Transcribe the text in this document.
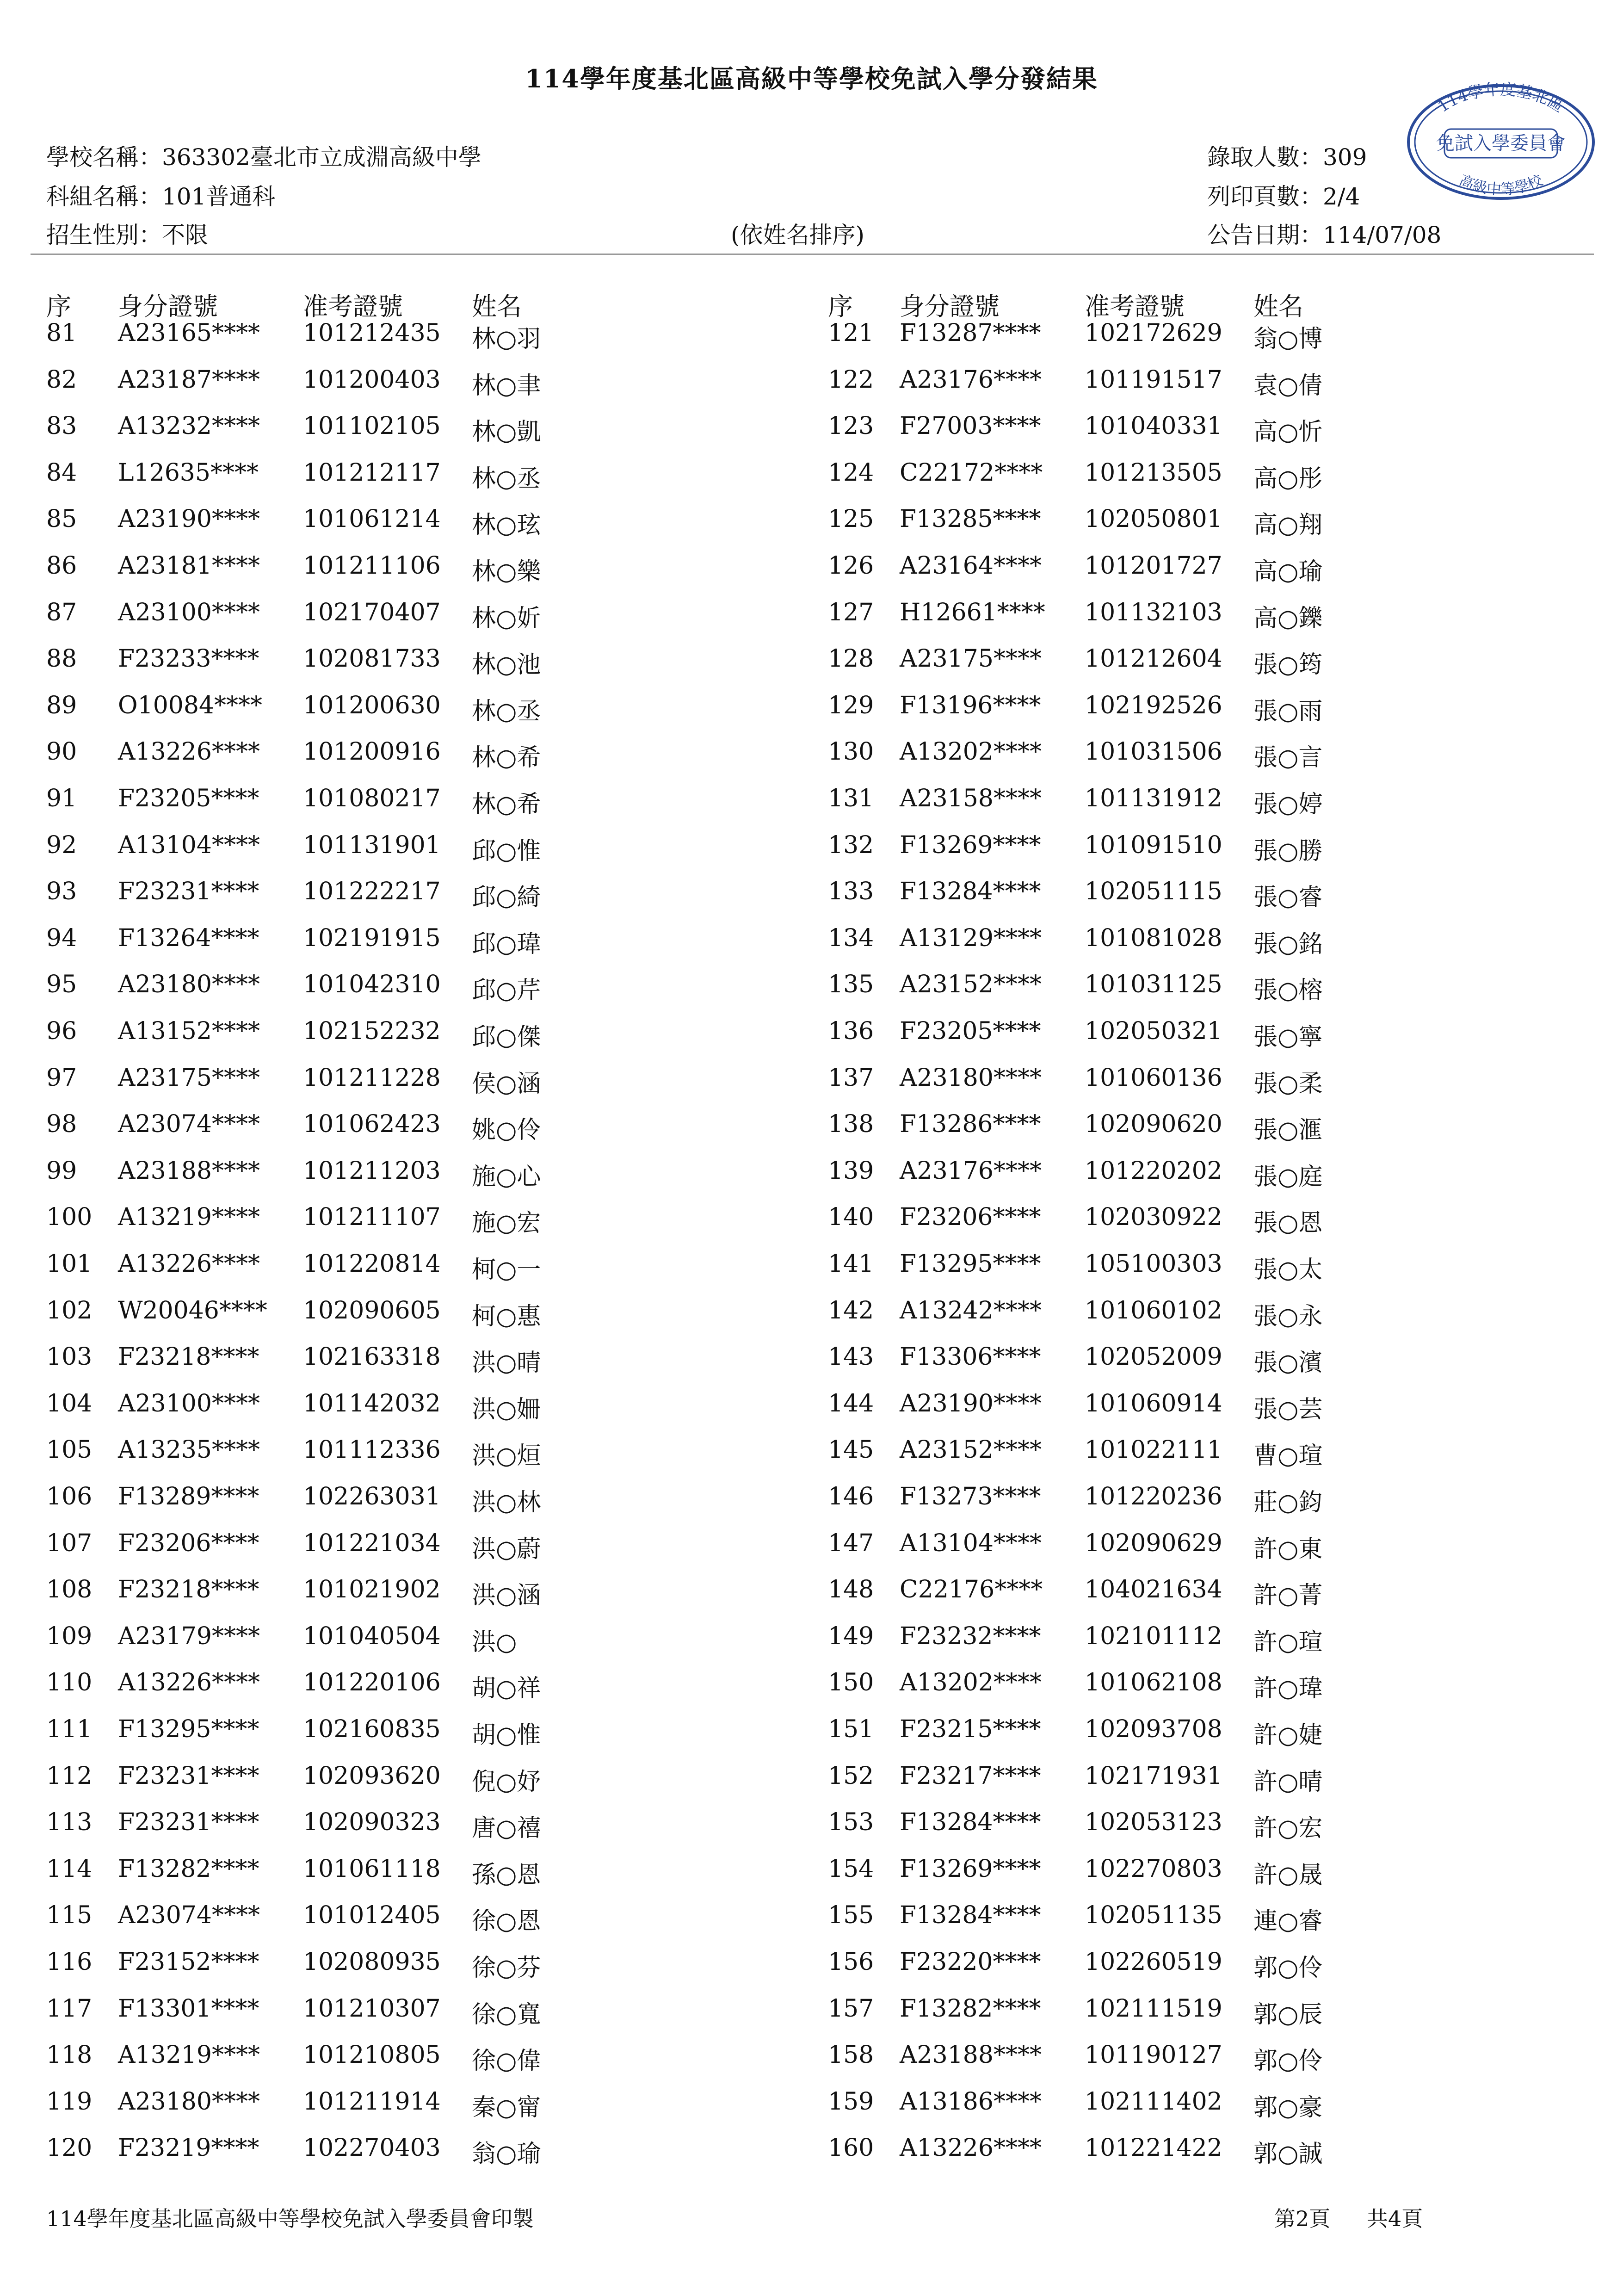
114學年度基北區高級中等學校免試入學分發結果
學校名稱：363302臺北市立成淵高級中學
科組名稱：101普通科
招生性別：不限	(依姓名排序)
錄取人數：309
列印頁數：2/4
公告日期：114/07/08
114學年度基北區
免試入學委員會
高級中等學校
序 身分證號	准考證號	姓名	序 身分證號	准考證號	姓名
81 A23165**** 101212435 林○羽
82 A23187**** 101200403 林○聿
83 A13232**** 101102105 林○凱
84 L12635**** 101212117 林○丞
85 A23190**** 101061214 林○玹
86 A23181**** 101211106 林○樂
87 A23100**** 102170407 林○妡
88 F23233**** 102081733 林○池
89 O10084**** 101200630 林○丞
90 A13226**** 101200916 林○希
91 F23205**** 101080217 林○希
92 A13104**** 101131901 邱○惟
93 F23231**** 101222217 邱○綺
94 F13264**** 102191915 邱○瑋
95 A23180**** 101042310 邱○芹
96 A13152**** 102152232 邱○傑
97 A23175**** 101211228 侯○涵
98 A23074**** 101062423 姚○伶
99 A23188**** 101211203 施○心
100 A13219**** 101211107 施○宏
101 A13226**** 101220814 柯○一
102 W20046**** 102090605 柯○惠
103 F23218**** 102163318 洪○晴
104 A23100**** 101142032 洪○姍
105 A13235**** 101112336 洪○烜
106 F13289**** 102263031 洪○林
107 F23206**** 101221034 洪○蔚
108 F23218**** 101021902 洪○涵
109 A23179**** 101040504 洪○
110 A13226**** 101220106 胡○祥
111 F13295**** 102160835 胡○惟
112 F23231**** 102093620 倪○妤
113 F23231**** 102090323 唐○禧
114 F13282**** 101061118 孫○恩
115 A23074**** 101012405 徐○恩
116 F23152**** 102080935 徐○芬
117 F13301**** 101210307 徐○寬
118 A13219**** 101210805 徐○偉
119 A23180**** 101211914 秦○甯
120 F23219**** 102270403 翁○瑜
121 F13287**** 102172629 翁○博
122 A23176**** 101191517 袁○倩
123 F27003**** 101040331 高○忻
124 C22172**** 101213505 高○彤
125 F13285**** 102050801 高○翔
126 A23164**** 101201727 高○瑜
127 H12661**** 101132103 高○鑠
128 A23175**** 101212604 張○筠
129 F13196**** 102192526 張○雨
130 A13202**** 101031506 張○言
131 A23158**** 101131912 張○婷
132 F13269**** 101091510 張○勝
133 F13284**** 102051115 張○睿
134 A13129**** 101081028 張○銘
135 A23152**** 101031125 張○榕
136 F23205**** 102050321 張○寧
137 A23180**** 101060136 張○柔
138 F13286**** 102090620 張○滙
139 A23176**** 101220202 張○庭
140 F23206**** 102030922 張○恩
141 F13295**** 105100303 張○太
142 A13242**** 101060102 張○永
143 F13306**** 102052009 張○濱
144 A23190**** 101060914 張○芸
145 A23152**** 101022111 曹○瑄
146 F13273**** 101220236 莊○鈞
147 A13104**** 102090629 許○東
148 C22176**** 104021634 許○菁
149 F23232**** 102101112 許○瑄
150 A13202**** 101062108 許○瑋
151 F23215**** 102093708 許○婕
152 F23217**** 102171931 許○晴
153 F13284**** 102053123 許○宏
154 F13269**** 102270803 許○晟
155 F13284**** 102051135 連○睿
156 F23220**** 102260519 郭○伶
157 F13282**** 102111519 郭○辰
158 A23188**** 101190127 郭○伶
159 A13186**** 102111402 郭○豪
160 A13226**** 101221422 郭○誠
114學年度基北區高級中等學校免試入學委員會印製	第2頁 共4頁
